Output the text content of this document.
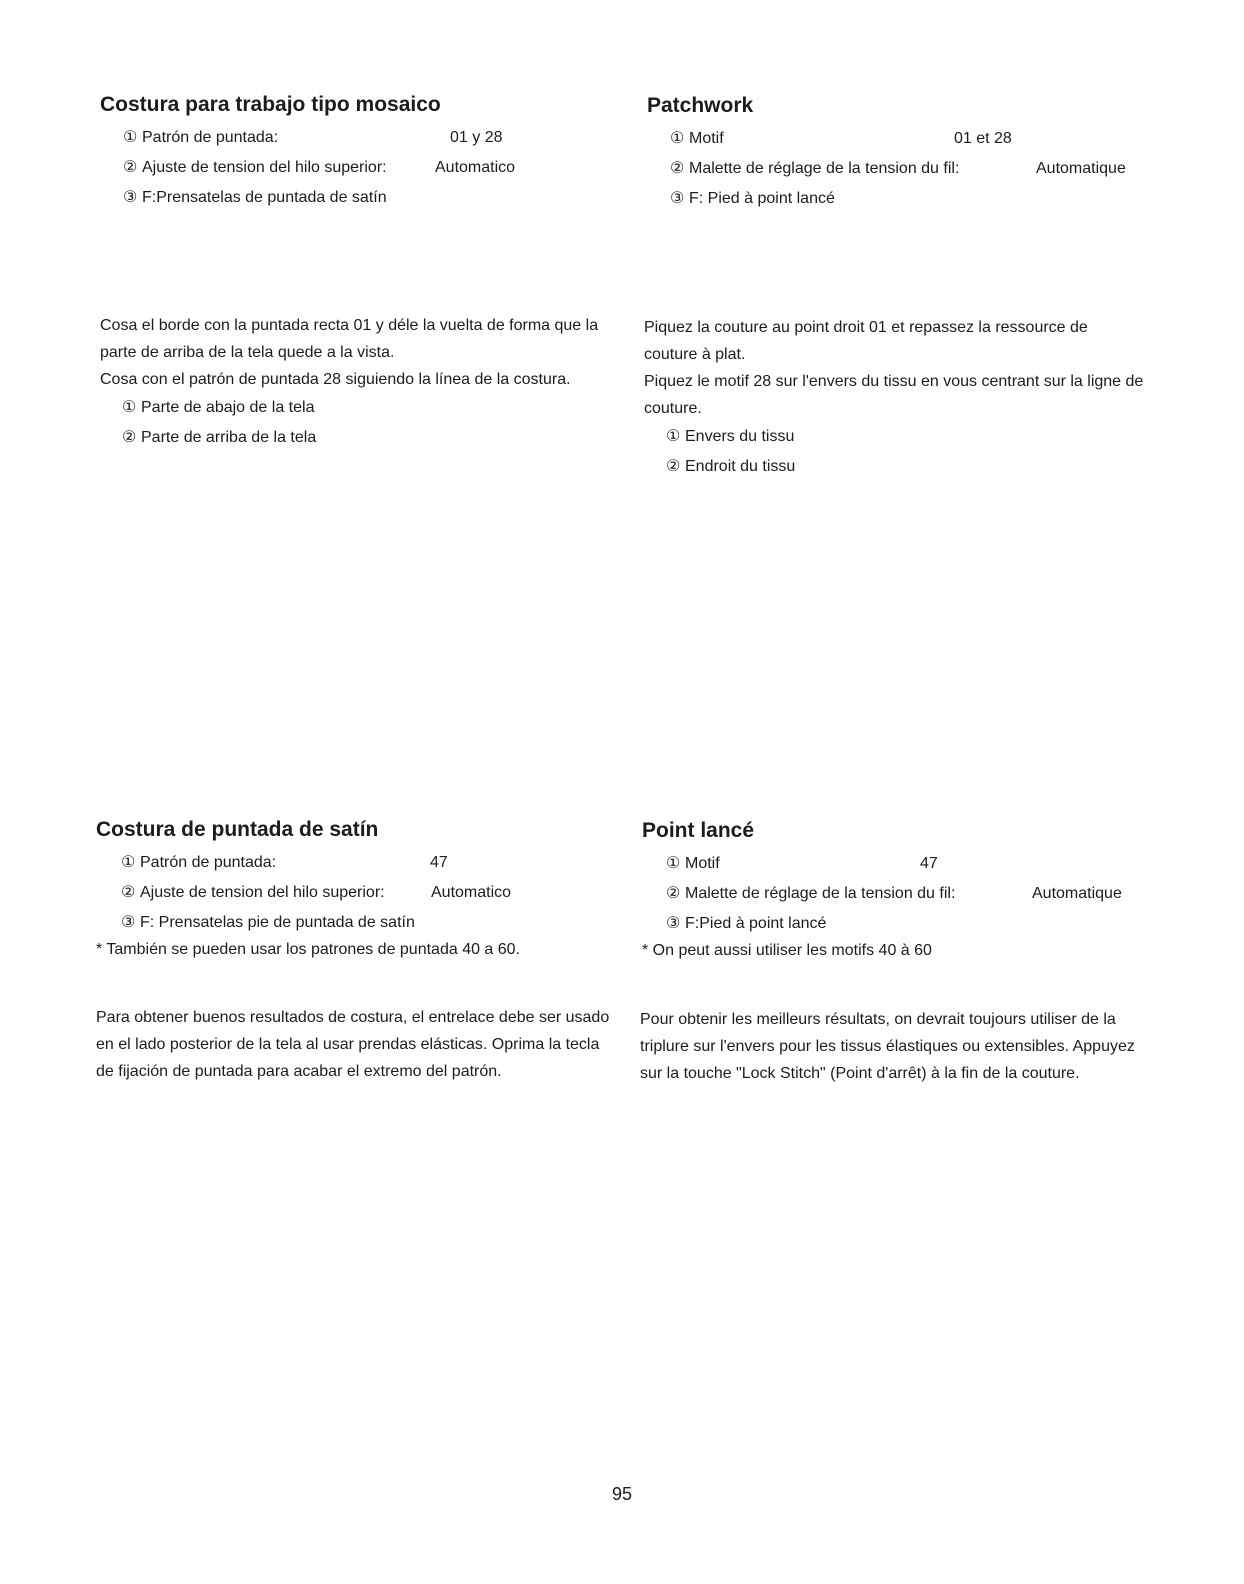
Costura para trabajo tipo mosaico
① Patrón de puntada:	01 y 28
② Ajuste de tension del hilo superior:	Automatico
③ F:Prensatelas de puntada de satín

Cosa el borde con la puntada recta 01 y déle la vuelta de forma que la parte de arriba de la tela quede a la vista.

Cosa con el patrón de puntada 28 siguiendo la línea de la costura.

① Parte de abajo de la tela
② Parte de arriba de la tela
Patchwork
① Motif	01 et 28
② Malette de réglage de la tension du fil:	Automatique
③ F: Pied à point lancé

Piquez la couture au point droit 01 et repassez la ressource de couture à plat.

Piquez le motif 28 sur l'envers du tissu en vous centrant sur la ligne de couture.

① Envers du tissu
② Endroit du tissu
Costura de puntada de satín
① Patrón de puntada:	47
② Ajuste de tension del hilo superior:	Automatico
③ F: Prensatelas pie de puntada de satín
* También se pueden usar los patrones de puntada 40 a 60.

Para obtener buenos resultados de costura, el entrelace debe ser usado en el lado posterior de la tela al usar prendas elásticas. Oprima la tecla de fijación de puntada para acabar el extremo del patrón.

Point lancé
① Motif	47
② Malette de réglage de la tension du fil:	Automatique
③ F:Pied à point lancé
* On peut aussi utiliser les motifs 40 à 60

Pour obtenir les meilleurs résultats, on devrait toujours utiliser de la triplure sur l'envers pour les tissus élastiques ou extensibles. Appuyez sur la touche "Lock Stitch" (Point d'arrêt) à la fin de la couture.

95
